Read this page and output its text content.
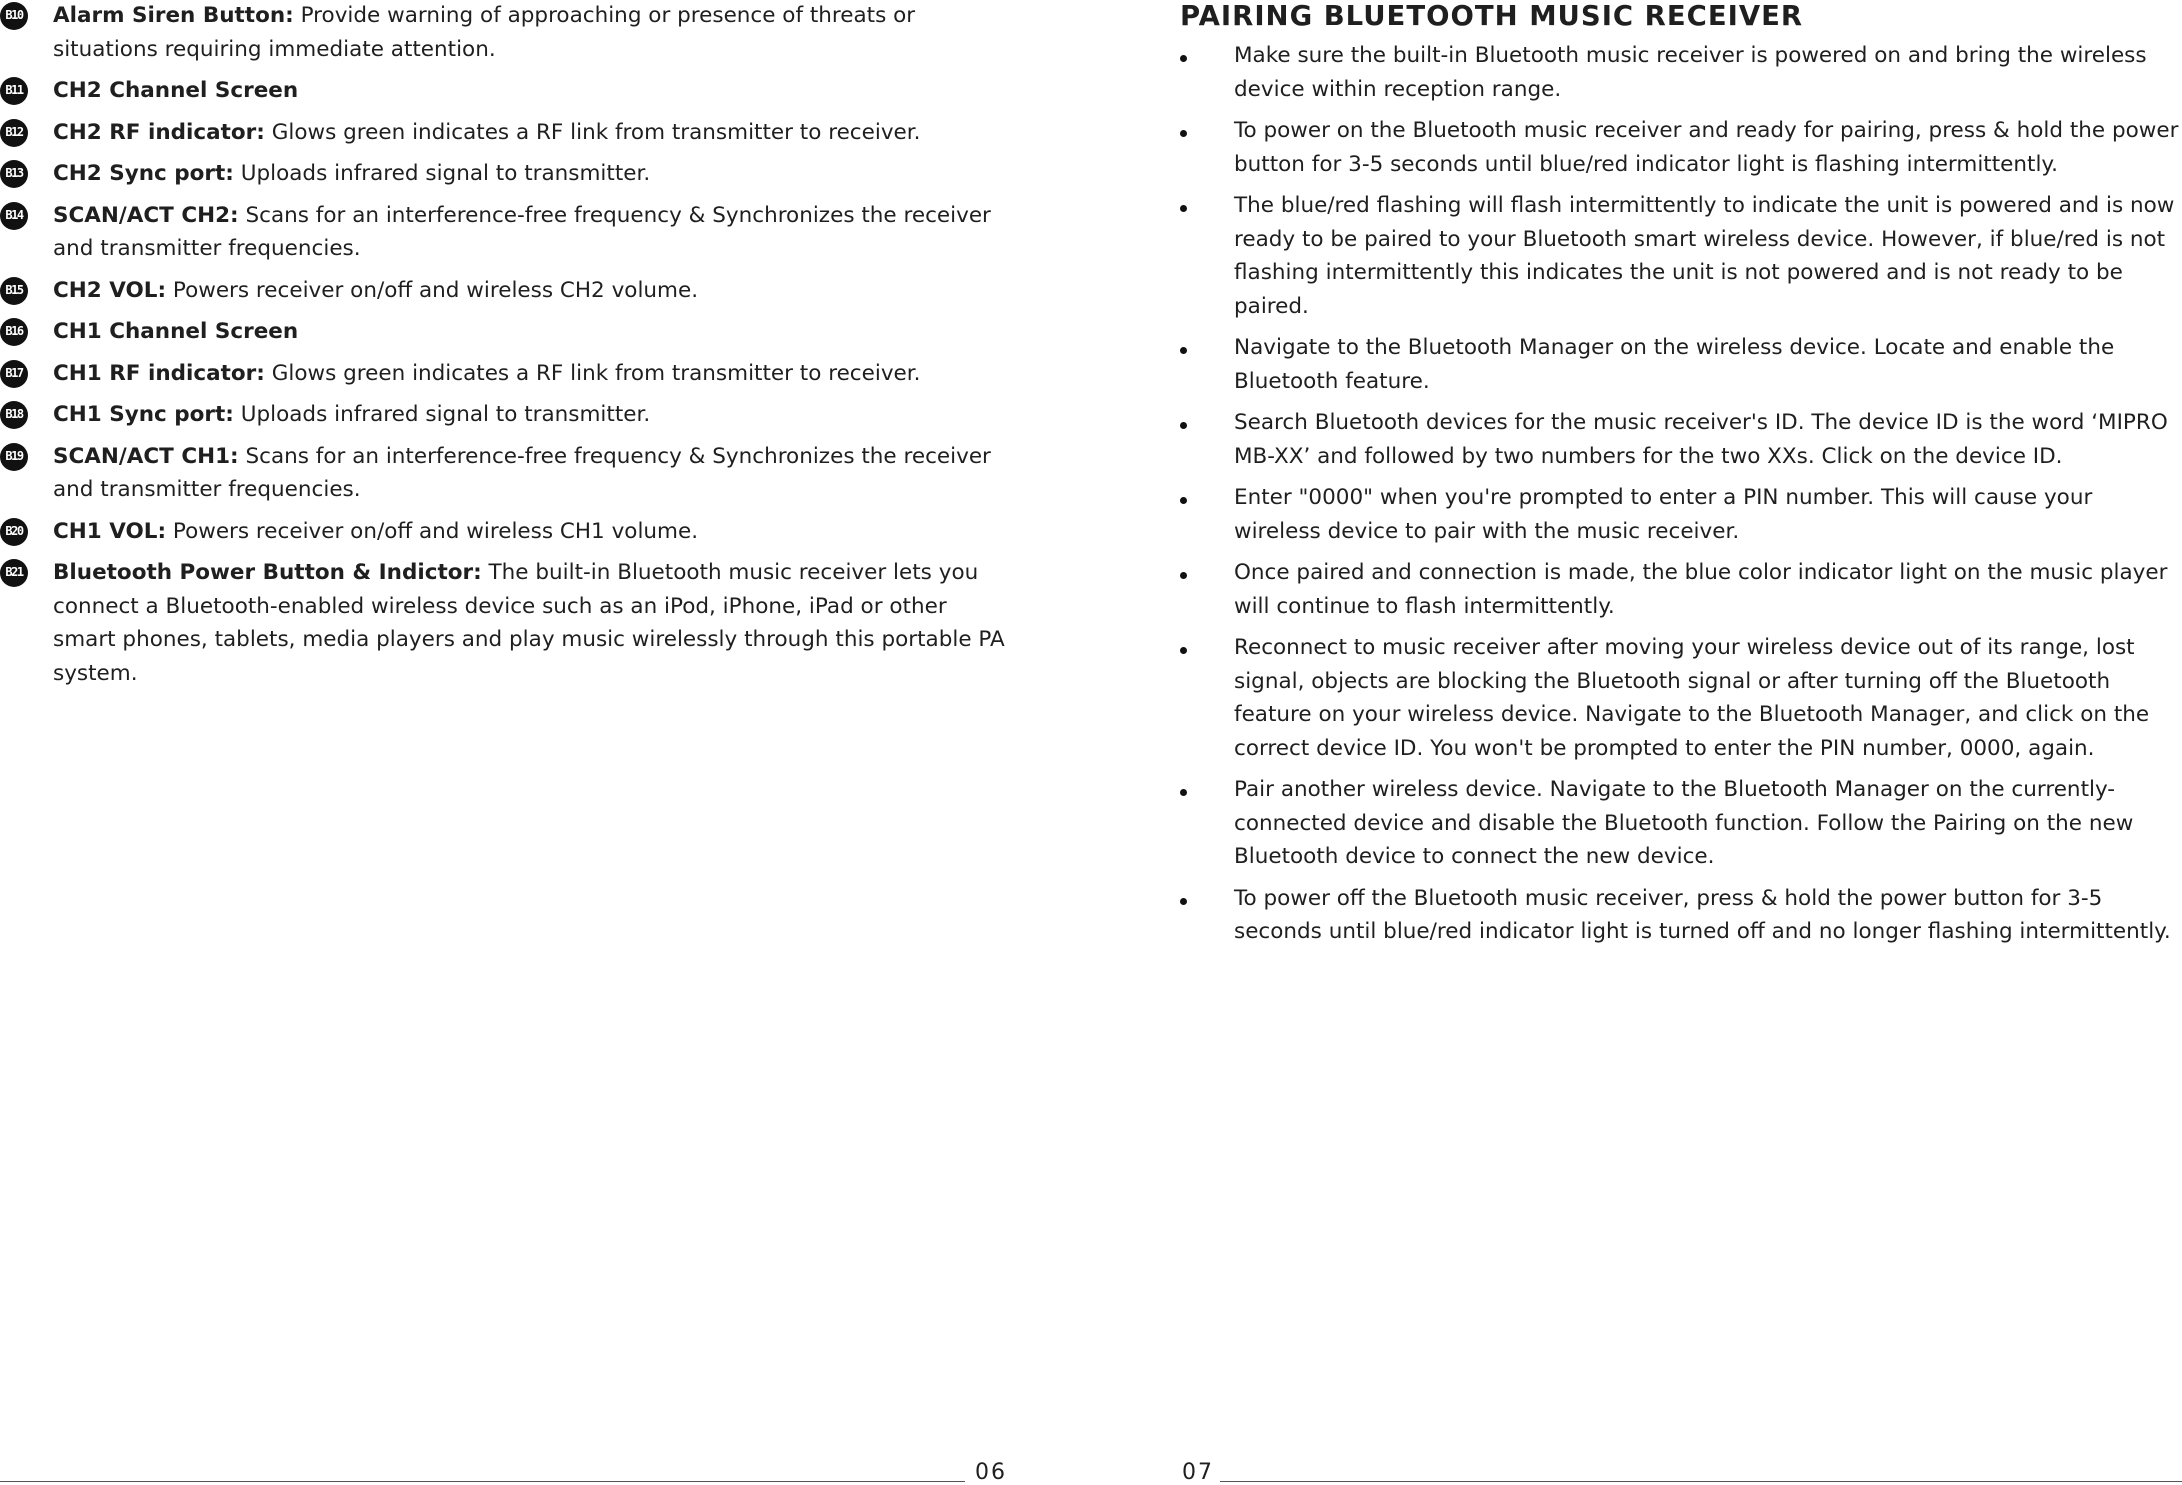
B10 Alarm Siren Button: Provide warning of approaching or presence of threats or situations requiring immediate attention.
B11 CH2 Channel Screen
B12 CH2 RF indicator: Glows green indicates a RF link from transmitter to receiver.
B13 CH2 Sync port: Uploads infrared signal to transmitter.
B14 SCAN/ACT CH2: Scans for an interference-free frequency & Synchronizes the receiver and transmitter frequencies.
B15 CH2 VOL: Powers receiver on/off and wireless CH2 volume.
B16 CH1 Channel Screen
B17 CH1 RF indicator: Glows green indicates a RF link from transmitter to receiver.
B18 CH1 Sync port: Uploads infrared signal to transmitter.
B19 SCAN/ACT CH1: Scans for an interference-free frequency & Synchronizes the receiver and transmitter frequencies.
B20 CH1 VOL: Powers receiver on/off and wireless CH1 volume.
B21 Bluetooth Power Button & Indictor: The built-in Bluetooth music receiver lets you connect a Bluetooth-enabled wireless device such as an iPod, iPhone, iPad or other smart phones, tablets, media players and play music wirelessly through this portable PA system.
PAIRING BLUETOOTH MUSIC RECEIVER
Make sure the built-in Bluetooth music receiver is powered on and bring the wireless device within reception range.
To power on the Bluetooth music receiver and ready for pairing, press & hold the power button for 3-5 seconds until blue/red indicator light is flashing intermittently.
The blue/red flashing will flash intermittently to indicate the unit is powered and is now ready to be paired to your Bluetooth smart wireless device. However, if blue/red is not flashing intermittently this indicates the unit is not powered and is not ready to be paired.
Navigate to the Bluetooth Manager on the wireless device. Locate and enable the Bluetooth feature.
Search Bluetooth devices for the music receiver's ID. The device ID is the word ‘MIPRO MB-XX’ and followed by two numbers for the two XXs. Click on the device ID.
Enter "0000" when you're prompted to enter a PIN number. This will cause your wireless device to pair with the music receiver.
Once paired and connection is made, the blue color indicator light on the music player will continue to flash intermittently.
Reconnect to music receiver after moving your wireless device out of its range, lost signal, objects are blocking the Bluetooth signal or after turning off the Bluetooth feature on your wireless device. Navigate to the Bluetooth Manager, and click on the correct device ID. You won't be prompted to enter the PIN number, 0000, again.
Pair another wireless device. Navigate to the Bluetooth Manager on the currently-connected device and disable the Bluetooth function. Follow the Pairing on the new Bluetooth device to connect the new device.
To power off the Bluetooth music receiver, press & hold the power button for 3-5 seconds until blue/red indicator light is turned off and no longer flashing intermittently.
06	07
